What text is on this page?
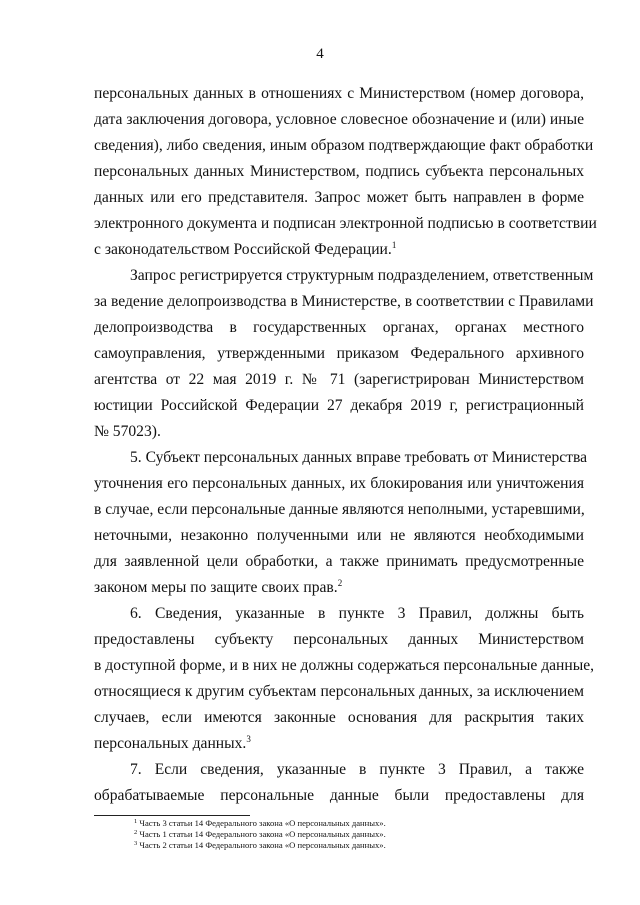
4
персональных данных в отношениях с Министерством (номер договора,
дата заключения договора, условное словесное обозначение и (или) иные
сведения), либо сведения, иным образом подтверждающие факт обработки
персональных данных Министерством, подпись субъекта персональных
данных или его представителя. Запрос может быть направлен в форме
электронного документа и подписан электронной подписью в соответствии
с законодательством Российской Федерации.$^1$
Запрос регистрируется структурным подразделением, ответственным
за ведение делопроизводства в Министерстве, в соответствии с Правилами
делопроизводства в государственных органах, органах местного
самоуправления, утвержденными приказом Федерального архивного
агентства от 22 мая 2019 г. № 71 (зарегистрирован Министерством
юстиции Российской Федерации 27 декабря 2019 г, регистрационный
№ 57023).
5. Субъект персональных данных вправе требовать от Министерства
уточнения его персональных данных, их блокирования или уничтожения
в случае, если персональные данные являются неполными, устаревшими,
неточными, незаконно полученными или не являются необходимыми
для заявленной цели обработки, а также принимать предусмотренные
законом меры по защите своих прав.$^2$
6. Сведения, указанные в пункте 3 Правил, должны быть
предоставлены субъекту персональных данных Министерством
в доступной форме, и в них не должны содержаться персональные данные,
относящиеся к другим субъектам персональных данных, за исключением
случаев, если имеются законные основания для раскрытия таких
персональных данных.$^3$
7. Если сведения, указанные в пункте 3 Правил, а также
обрабатываемые персональные данные были предоставлены для
$^1$ Часть 3 статьи 14 Федерального закона «О персональных данных».
$^2$ Часть 1 статьи 14 Федерального закона «О персональных данных».
$^3$ Часть 2 статьи 14 Федерального закона «О персональных данных».
